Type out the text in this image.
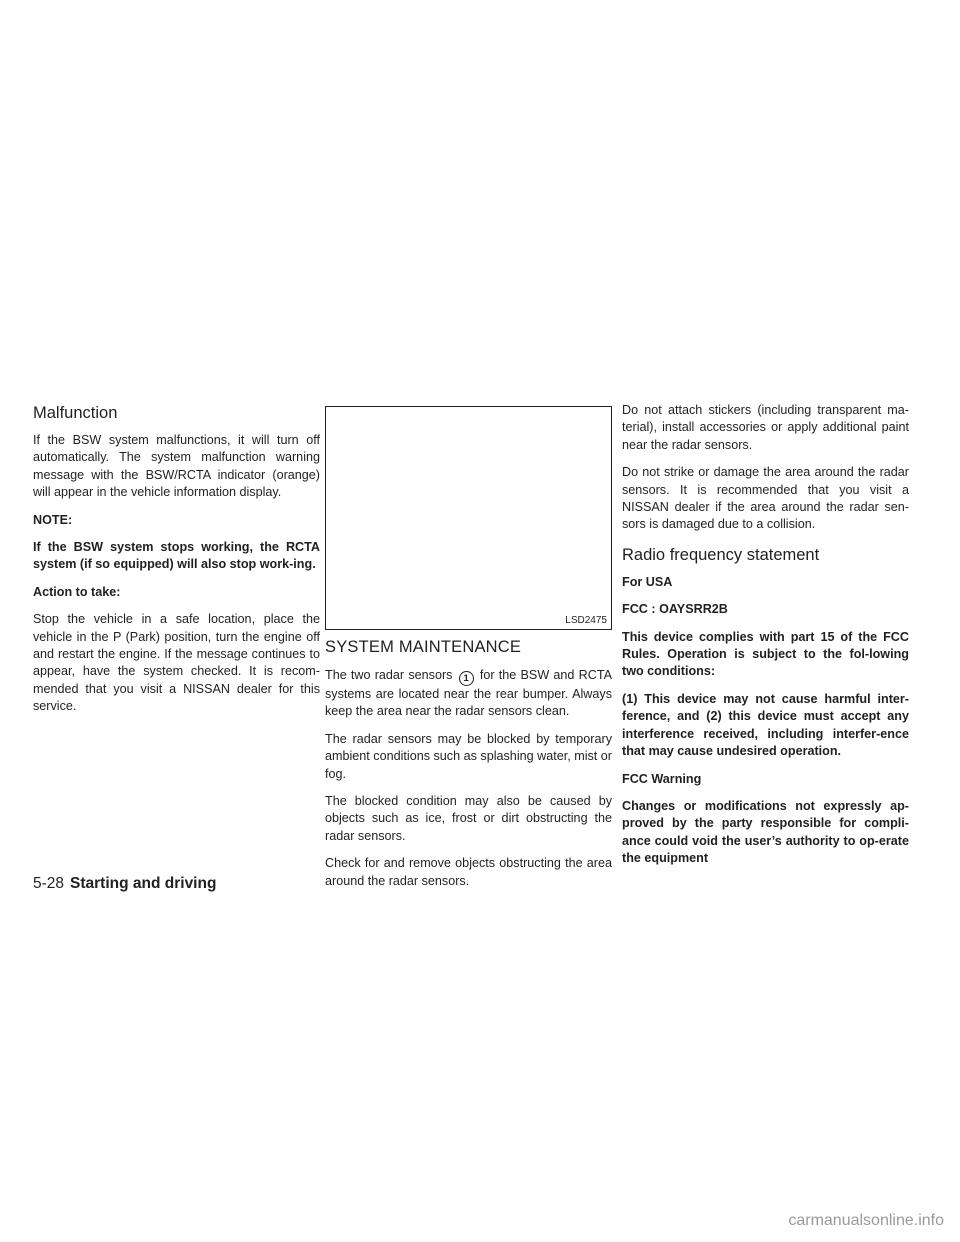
Malfunction

If the BSW system malfunctions, it will turn off automatically. The system malfunction warning message with the BSW/RCTA indicator (orange) will appear in the vehicle information display.

NOTE:

If the BSW system stops working, the RCTA system (if so equipped) will also stop work-ing.

Action to take:

Stop the vehicle in a safe location, place the vehicle in the P (Park) position, turn the engine off and restart the engine. If the message continues to appear, have the system checked. It is recom-mended that you visit a NISSAN dealer for this service.

LSD2475
SYSTEM MAINTENANCE

The two radar sensors 1 for the BSW and RCTA systems are located near the rear bumper. Always keep the area near the radar sensors clean.

The radar sensors may be blocked by temporary ambient conditions such as splashing water, mist or fog.

The blocked condition may also be caused by objects such as ice, frost or dirt obstructing the radar sensors.

Check for and remove objects obstructing the area around the radar sensors.

Do not attach stickers (including transparent ma-terial), install accessories or apply additional paint near the radar sensors.

Do not strike or damage the area around the radar sensors. It is recommended that you visit a NISSAN dealer if the area around the radar sen-sors is damaged due to a collision.

Radio frequency statement

For USA

FCC : OAYSRR2B

This device complies with part 15 of the FCC Rules. Operation is subject to the fol-lowing two conditions:

(1) This device may not cause harmful inter-ference, and (2) this device must accept any interference received, including interfer-ence that may cause undesired operation.

FCC Warning

Changes or modifications not expressly ap-proved by the party responsible for compli-ance could void the user’s authority to op-erate the equipment

5-28 Starting and driving
carmanualsonline.info
